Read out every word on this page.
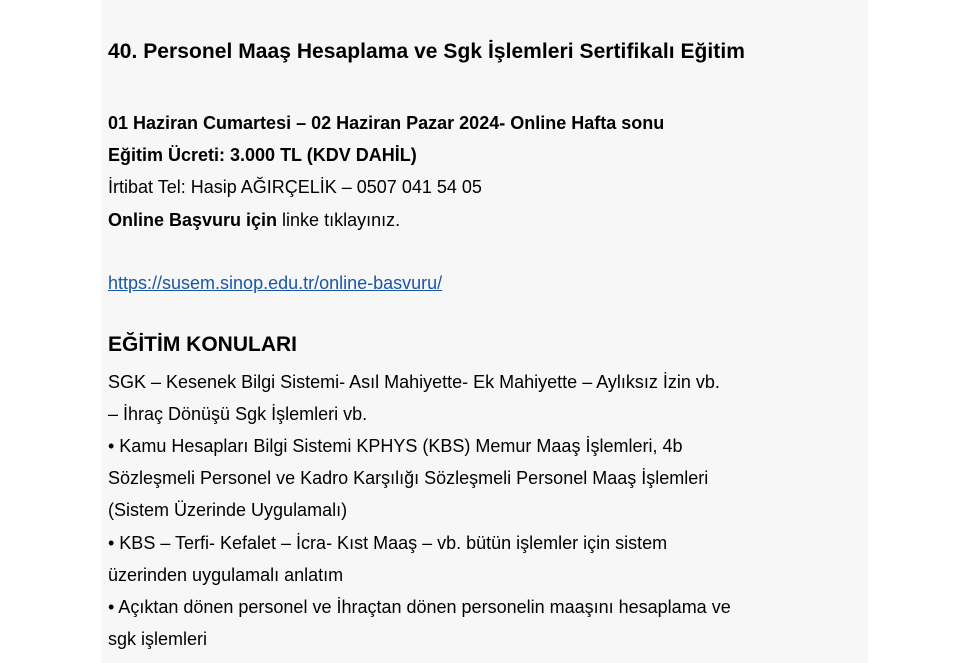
40. Personel Maaş Hesaplama ve Sgk İşlemleri Sertifikalı Eğitim
01 Haziran Cumartesi – 02 Haziran Pazar 2024- Online Hafta sonu
Eğitim Ücreti: 3.000 TL (KDV DAHİL)
İrtibat Tel: Hasip AĞIRÇELİK – 0507 041 54 05
Online Başvuru için linke tıklayınız.
https://susem.sinop.edu.tr/online-basvuru/
EĞİTİM KONULARI
SGK – Kesenek Bilgi Sistemi- Asıl Mahiyette- Ek Mahiyette – Aylıksız İzin vb.
– İhraç Dönüşü Sgk İşlemleri vb.
• Kamu Hesapları Bilgi Sistemi KPHYS (KBS) Memur Maaş İşlemleri, 4b
Sözleşmeli Personel ve Kadro Karşılığı Sözleşmeli Personel Maaş İşlemleri
(Sistem Üzerinde Uygulamalı)
• KBS – Terfi- Kefalet – İcra- Kıst Maaş – vb. bütün işlemler için sistem
üzerinden uygulamalı anlatım
• Açıktan dönen personel ve İhraçtan dönen personelin maaşını hesaplama ve
sgk işlemleri
